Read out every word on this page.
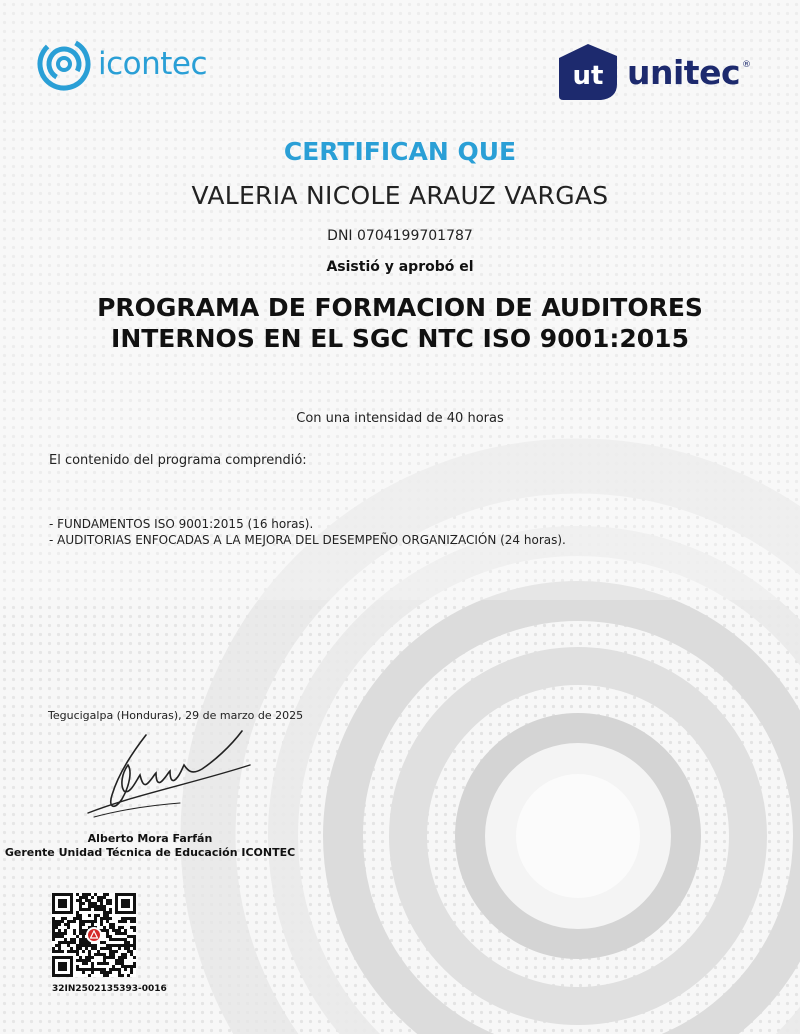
icontec	ut unitec ®
CERTIFICAN QUE
VALERIA NICOLE ARAUZ VARGAS
DNI 0704199701787
Asistió y aprobó el
PROGRAMA DE FORMACION DE AUDITORES
INTERNOS EN EL SGC NTC ISO 9001:2015
Con una intensidad de 40 horas
El contenido del programa comprendió:
- FUNDAMENTOS ISO 9001:2015 (16 horas).
- AUDITORIAS ENFOCADAS A LA MEJORA DEL DESEMPEÑO ORGANIZACIÓN (24 horas).
Tegucigalpa (Honduras), 29 de marzo de 2025
Alberto Mora Farfán
Gerente Unidad Técnica de Educación ICONTEC
32IN2502135393-0016
